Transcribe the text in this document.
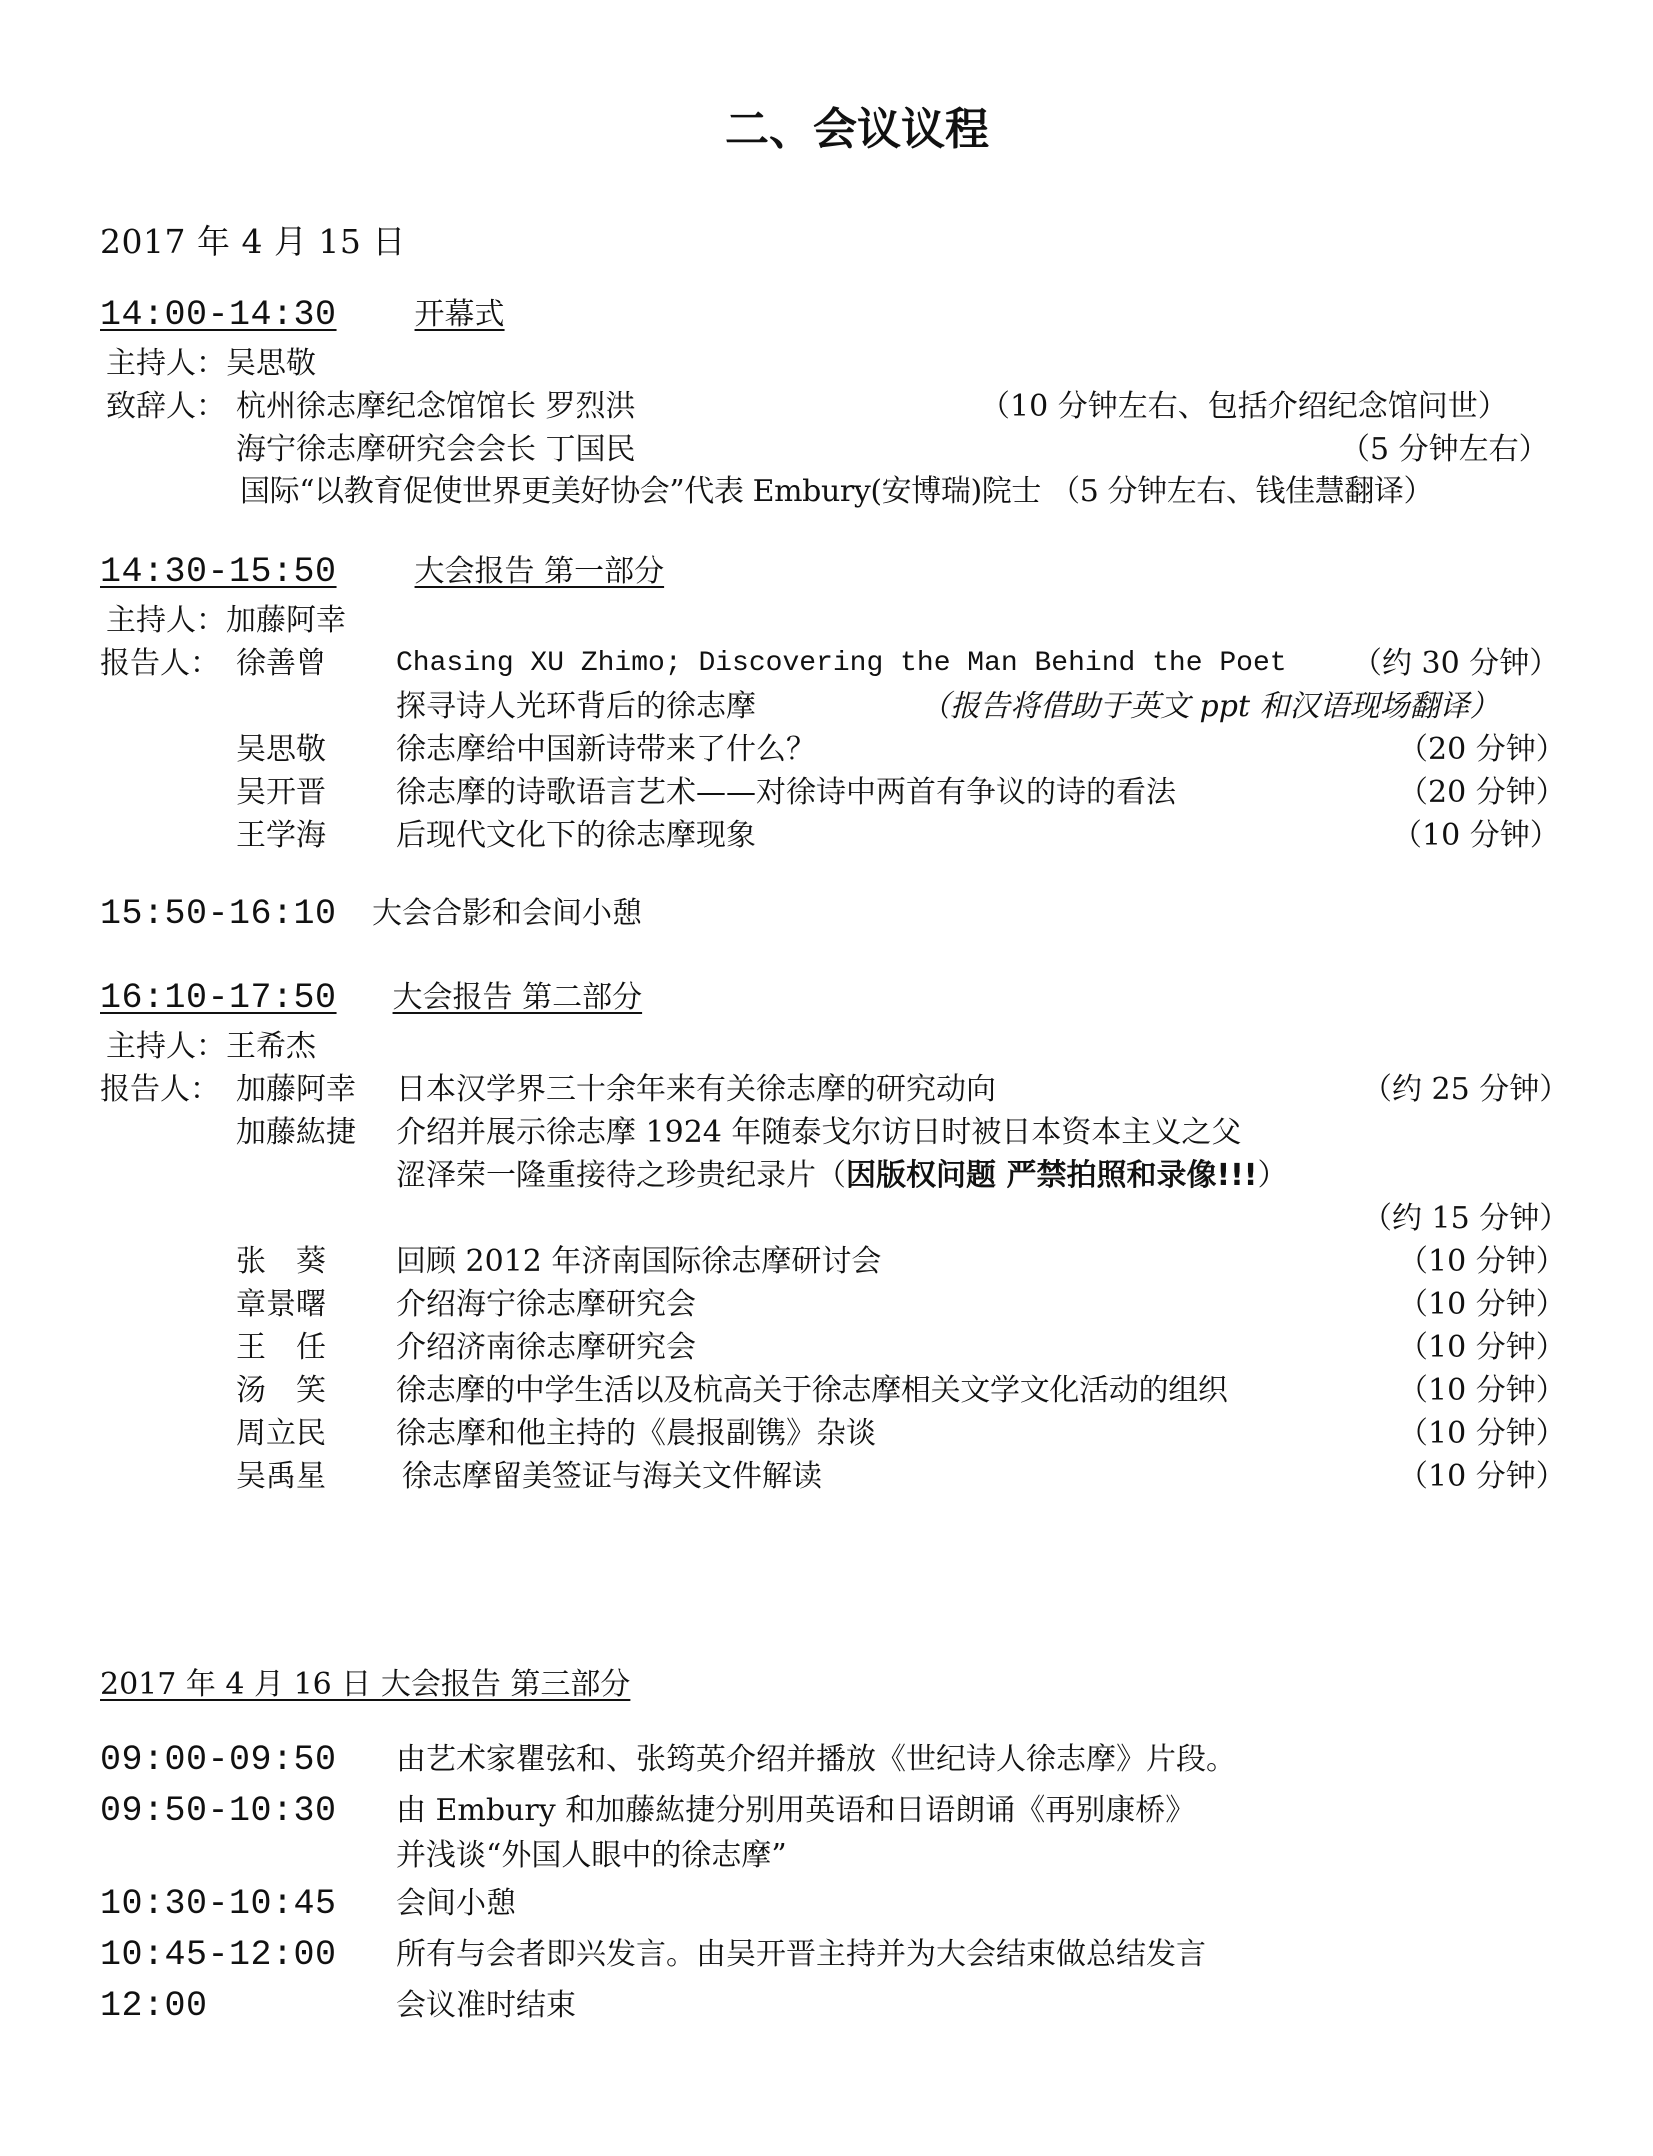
二、会议议程
2017 年 4 月 15 日
14:00-14:30	开幕式
主持人：吴思敬
致辞人： 杭州徐志摩纪念馆馆长 罗烈洪	（10 分钟左右、包括介绍纪念馆问世）
海宁徐志摩研究会会长 丁国民	（5 分钟左右）
国际“以教育促使世界更美好协会”代表 Embury(安博瑞)院士 （5 分钟左右、钱佳慧翻译）
14:30-15:50	大会报告 第一部分
主持人：加藤阿幸
报告人： 徐善曾	Chasing XU Zhimo; Discovering the Man Behind the Poet （约 30 分钟）
探寻诗人光环背后的徐志摩	（报告将借助于英文 ppt 和汉语现场翻译）
吴思敬 徐志摩给中国新诗带来了什么？	（20 分钟）
吴开晋 徐志摩的诗歌语言艺术——对徐诗中两首有争议的诗的看法	（20 分钟）
王学海 后现代文化下的徐志摩现象	（10 分钟）
15:50-16:10 大会合影和会间小憩
16:10-17:50 大会报告 第二部分
主持人：王希杰
报告人： 加藤阿幸 日本汉学界三十余年来有关徐志摩的研究动向	（约 25 分钟）
加藤紘捷 介绍并展示徐志摩 1924 年随泰戈尔访日时被日本资本主义之父
涩泽荣一隆重接待之珍贵纪录片（因版权问题 严禁拍照和录像!!!）
（约 15 分钟）
张　葵 回顾 2012 年济南国际徐志摩研讨会	（10 分钟）
章景曙 介绍海宁徐志摩研究会	（10 分钟）
王　任 介绍济南徐志摩研究会	（10 分钟）
汤　笑 徐志摩的中学生活以及杭高关于徐志摩相关文学文化活动的组织	（10 分钟）
周立民 徐志摩和他主持的《晨报副镌》杂谈	（10 分钟）
吴禹星	徐志摩留美签证与海关文件解读	（10 分钟）
2017 年 4 月 16 日 大会报告 第三部分
09:00-09:50 由艺术家瞿弦和、张筠英介绍并播放《世纪诗人徐志摩》片段。
09:50-10:30 由 Embury 和加藤紘捷分别用英语和日语朗诵《再别康桥》
并浅谈“外国人眼中的徐志摩”
10:30-10:45 会间小憩
10:45-12:00 所有与会者即兴发言。由吴开晋主持并为大会结束做总结发言
12:00	会议准时结束
